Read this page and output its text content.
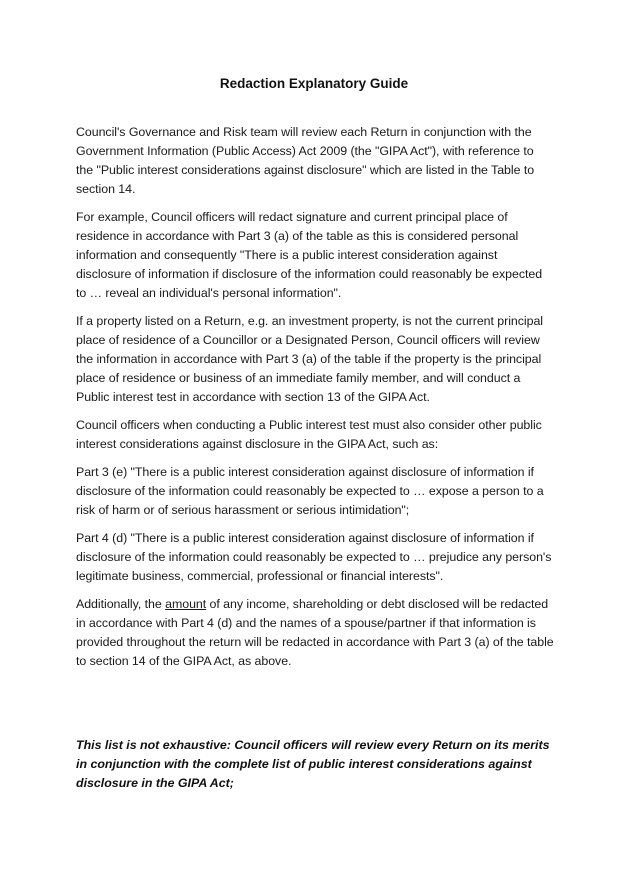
Redaction Explanatory Guide

Council's Governance and Risk team will review each Return in conjunction with the Government Information (Public Access) Act 2009 (the "GIPA Act"), with reference to the "Public interest considerations against disclosure" which are listed in the Table to section 14.

For example, Council officers will redact signature and current principal place of residence in accordance with Part 3 (a) of the table as this is considered personal information and consequently "There is a public interest consideration against disclosure of information if disclosure of the information could reasonably be expected to … reveal an individual's personal information".

If a property listed on a Return, e.g. an investment property, is not the current principal place of residence of a Councillor or a Designated Person, Council officers will review the information in accordance with Part 3 (a) of the table if the property is the principal place of residence or business of an immediate family member, and will conduct a Public interest test in accordance with section 13 of the GIPA Act.

Council officers when conducting a Public interest test must also consider other public interest considerations against disclosure in the GIPA Act, such as:

Part 3 (e) "There is a public interest consideration against disclosure of information if disclosure of the information could reasonably be expected to … expose a person to a risk of harm or of serious harassment or serious intimidation";

Part 4 (d) "There is a public interest consideration against disclosure of information if disclosure of the information could reasonably be expected to … prejudice any person's legitimate business, commercial, professional or financial interests".

Additionally, the amount of any income, shareholding or debt disclosed will be redacted in accordance with Part 4 (d) and the names of a spouse/partner if that information is provided throughout the return will be redacted in accordance with Part 3 (a) of the table to section 14 of the GIPA Act, as above.

This list is not exhaustive: Council officers will review every Return on its merits in conjunction with the complete list of public interest considerations against disclosure in the GIPA Act;
